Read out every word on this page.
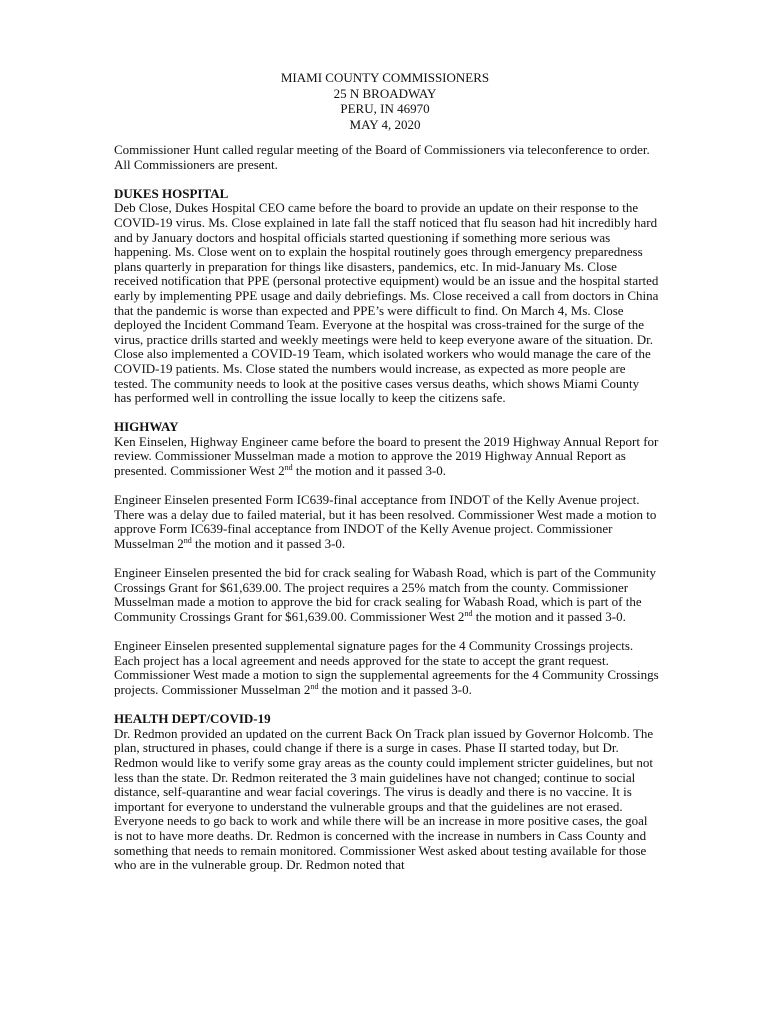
MIAMI COUNTY COMMISSIONERS
25 N BROADWAY
PERU, IN 46970
MAY 4, 2020

Commissioner Hunt called regular meeting of the Board of Commissioners via teleconference to order. All Commissioners are present.

DUKES HOSPITAL

Deb Close, Dukes Hospital CEO came before the board to provide an update on their response to the COVID-19 virus. Ms. Close explained in late fall the staff noticed that flu season had hit incredibly hard and by January doctors and hospital officials started questioning if something more serious was happening. Ms. Close went on to explain the hospital routinely goes through emergency preparedness plans quarterly in preparation for things like disasters, pandemics, etc. In mid-January Ms. Close received notification that PPE (personal protective equipment) would be an issue and the hospital started early by implementing PPE usage and daily debriefings. Ms. Close received a call from doctors in China that the pandemic is worse than expected and PPE’s were difficult to find. On March 4, Ms. Close deployed the Incident Command Team. Everyone at the hospital was cross-trained for the surge of the virus, practice drills started and weekly meetings were held to keep everyone aware of the situation. Dr. Close also implemented a COVID-19 Team, which isolated workers who would manage the care of the COVID-19 patients. Ms. Close stated the numbers would increase, as expected as more people are tested. The community needs to look at the positive cases versus deaths, which shows Miami County has performed well in controlling the issue locally to keep the citizens safe.

HIGHWAY

Ken Einselen, Highway Engineer came before the board to present the 2019 Highway Annual Report for review. Commissioner Musselman made a motion to approve the 2019 Highway Annual Report as presented. Commissioner West 2nd the motion and it passed 3-0.

Engineer Einselen presented Form IC639-final acceptance from INDOT of the Kelly Avenue project. There was a delay due to failed material, but it has been resolved. Commissioner West made a motion to approve Form IC639-final acceptance from INDOT of the Kelly Avenue project. Commissioner Musselman 2nd the motion and it passed 3-0.

Engineer Einselen presented the bid for crack sealing for Wabash Road, which is part of the Community Crossings Grant for $61,639.00. The project requires a 25% match from the county. Commissioner Musselman made a motion to approve the bid for crack sealing for Wabash Road, which is part of the Community Crossings Grant for $61,639.00. Commissioner West 2nd the motion and it passed 3-0.

Engineer Einselen presented supplemental signature pages for the 4 Community Crossings projects. Each project has a local agreement and needs approved for the state to accept the grant request. Commissioner West made a motion to sign the supplemental agreements for the 4 Community Crossings projects. Commissioner Musselman 2nd the motion and it passed 3-0.

HEALTH DEPT/COVID-19

Dr. Redmon provided an updated on the current Back On Track plan issued by Governor Holcomb. The plan, structured in phases, could change if there is a surge in cases. Phase II started today, but Dr. Redmon would like to verify some gray areas as the county could implement stricter guidelines, but not less than the state. Dr. Redmon reiterated the 3 main guidelines have not changed; continue to social distance, self-quarantine and wear facial coverings. The virus is deadly and there is no vaccine. It is important for everyone to understand the vulnerable groups and that the guidelines are not erased. Everyone needs to go back to work and while there will be an increase in more positive cases, the goal is not to have more deaths. Dr. Redmon is concerned with the increase in numbers in Cass County and something that needs to remain monitored. Commissioner West asked about testing available for those who are in the vulnerable group. Dr. Redmon noted that
